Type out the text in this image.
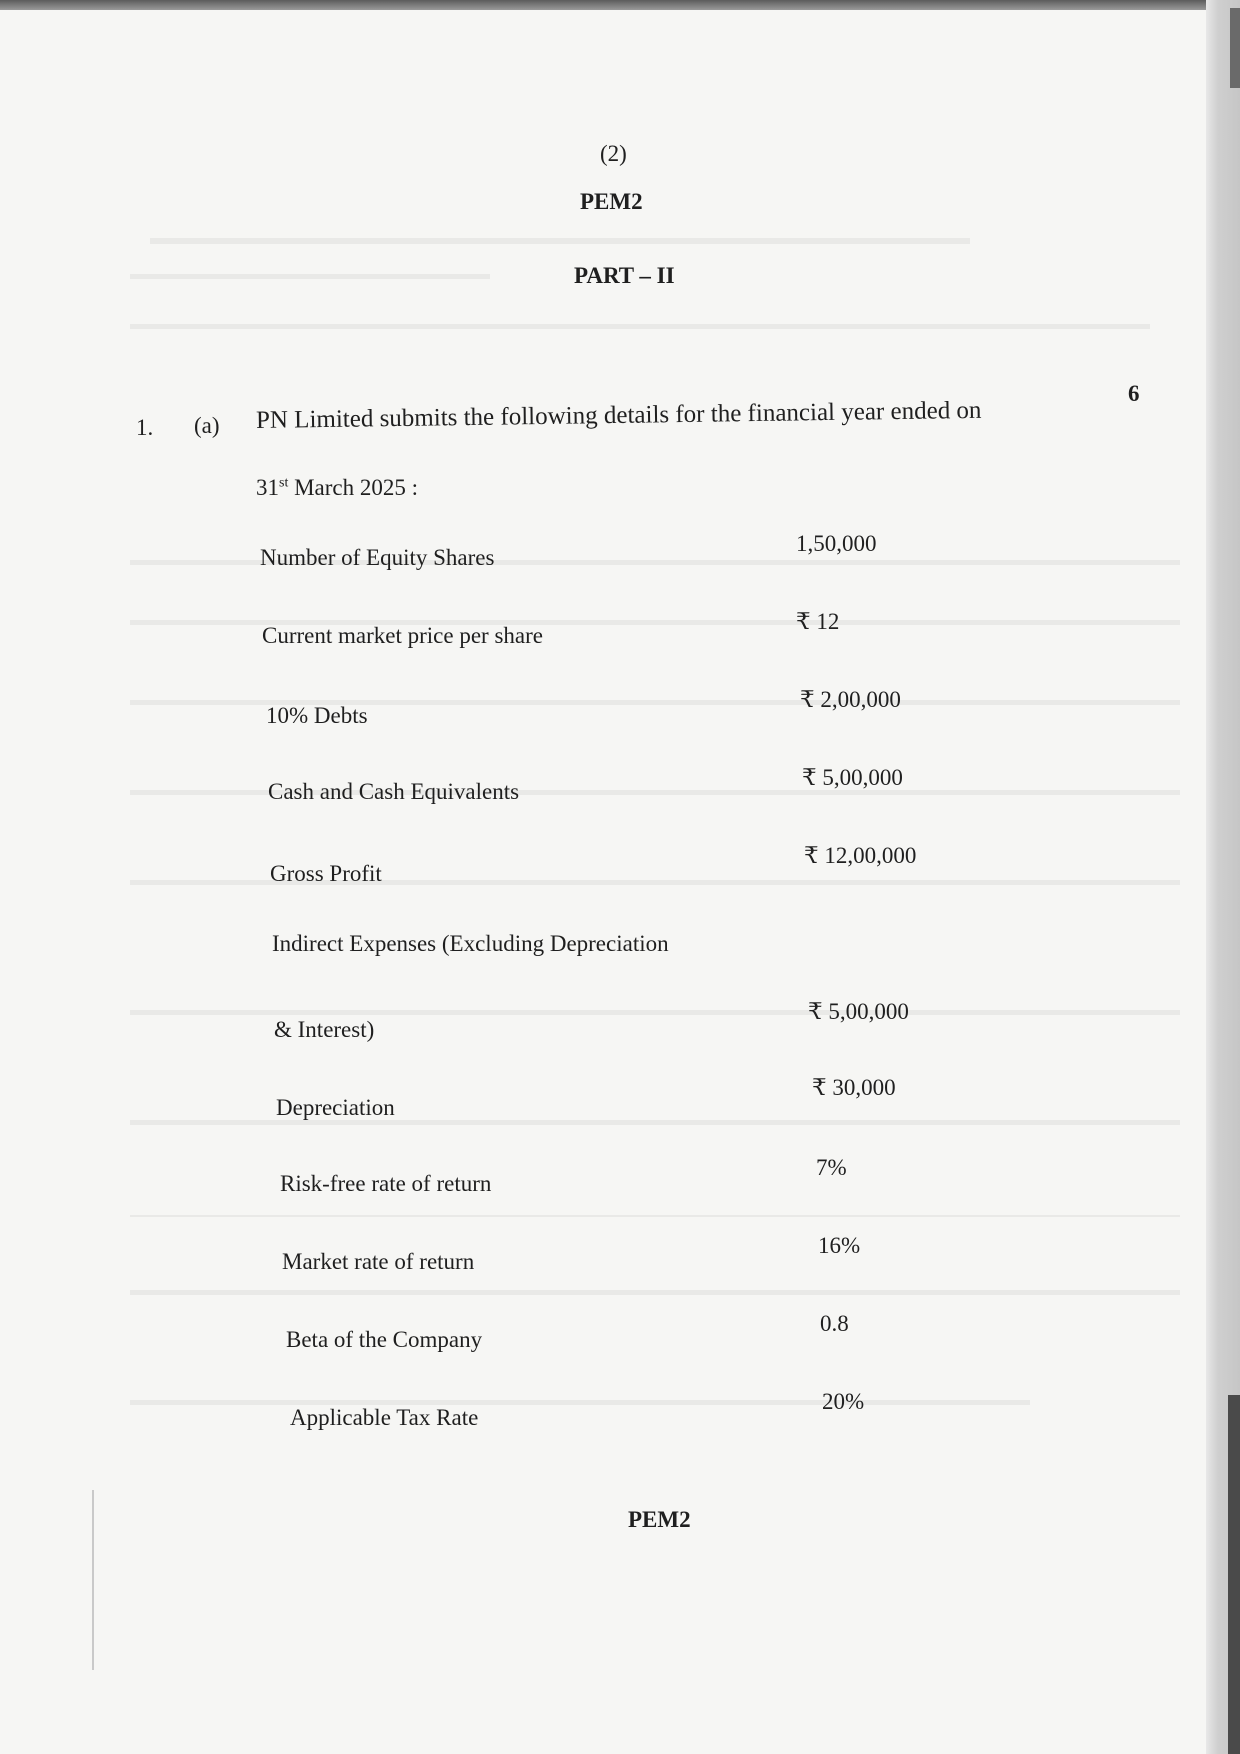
(2)
PEM2
PART – II
1. (a) PN Limited submits the following details for the financial year ended on
6
31st March 2025 :
Number of Equity Shares
1,50,000
Current market price per share
₹ 12
10% Debts
₹ 2,00,000
Cash and Cash Equivalents
₹ 5,00,000
Gross Profit
₹ 12,00,000
Indirect Expenses (Excluding Depreciation
& Interest)
₹ 5,00,000
Depreciation
₹ 30,000
Risk-free rate of return
7%
Market rate of return
16%
Beta of the Company
0.8
Applicable Tax Rate
20%
PEM2
